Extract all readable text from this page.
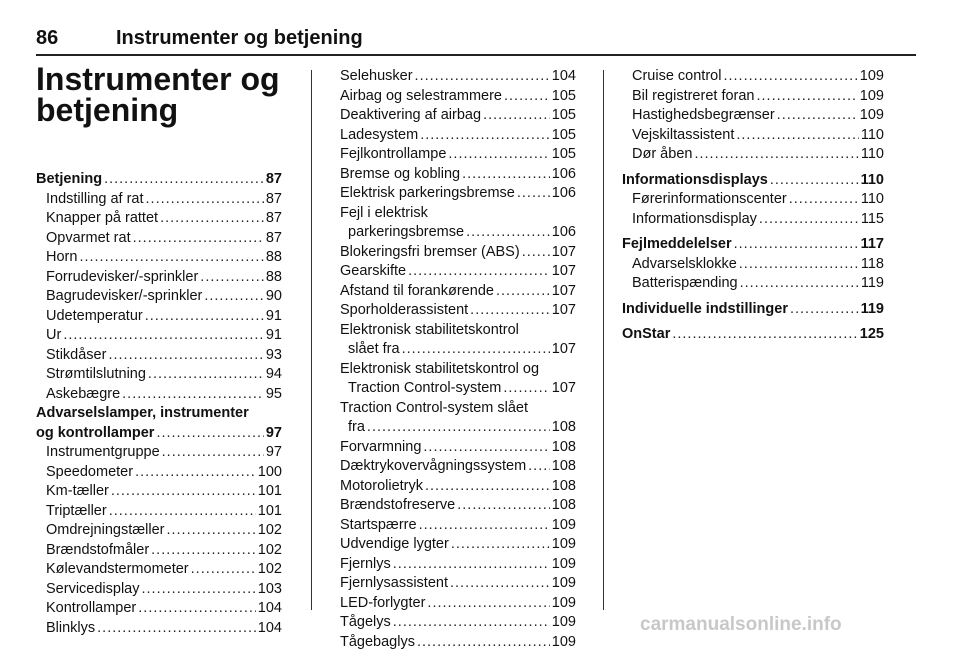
86	Instrumenter og betjening
Instrumenter og
betjening
Betjening .....	87
Indstilling af rat .....	87
Knapper på rattet .....	87
Opvarmet rat .....	87
Horn .....	88
Forrudevisker/-sprinkler .....	88
Bagrudevisker/-sprinkler .....	90
Udetemperatur .....	91
Ur .....	91
Stikdåser .....	93
Strømtilslutning .....	94
Askebægre .....	95
Advarselslamper, instrumenter
og kontrollamper .....	97
Instrumentgruppe .....	97
Speedometer .....	100
Km-tæller .....	101
Triptæller .....	101
Omdrejningstæller .....	102
Brændstofmåler .....	102
Kølevandstermometer .....	102
Servicedisplay .....	103
Kontrollamper .....	104
Blinklys .....	104
Selehusker .....	104
Airbag og selestrammere .....	105
Deaktivering af airbag .....	105
Ladesystem .....	105
Fejlkontrollampe .....	105
Bremse og kobling .....	106
Elektrisk parkeringsbremse .....	106
Fejl i elektrisk
parkeringsbremse .....	106
Blokeringsfri bremser (ABS) ..... 107
Gearskifte .....	107
Afstand til forankørende .....	107
Sporholderassistent .....	107
Elektronisk stabilitetskontrol
slået fra .....	107
Elektronisk stabilitetskontrol og
Traction Control-system .....	107
Traction Control-system slået
fra .....	108
Forvarmning .....	108
Dæktrykovervågningssystem ..... 108
Motorolietryk .....	108
Brændstofreserve .....	108
Startspærre .....	109
Udvendige lygter .....	109
Fjernlys .....	109
Fjernlysassistent .....	109
LED-forlygter .....	109
Tågelys .....	109
Tågebaglys .....	109
Cruise control .....	109
Bil registreret foran .....	109
Hastighedsbegrænser .....	109
Vejskiltassistent .....	110
Dør åben .....	110
Informationsdisplays .....	110
Førerinformationscenter .....	110
Informationsdisplay .....	115
Fejlmeddelelser .....	117
Advarselsklokke .....	118
Batterispænding .....	119
Individuelle indstillinger .....	119
OnStar .....	125
carmanualsonline.info
